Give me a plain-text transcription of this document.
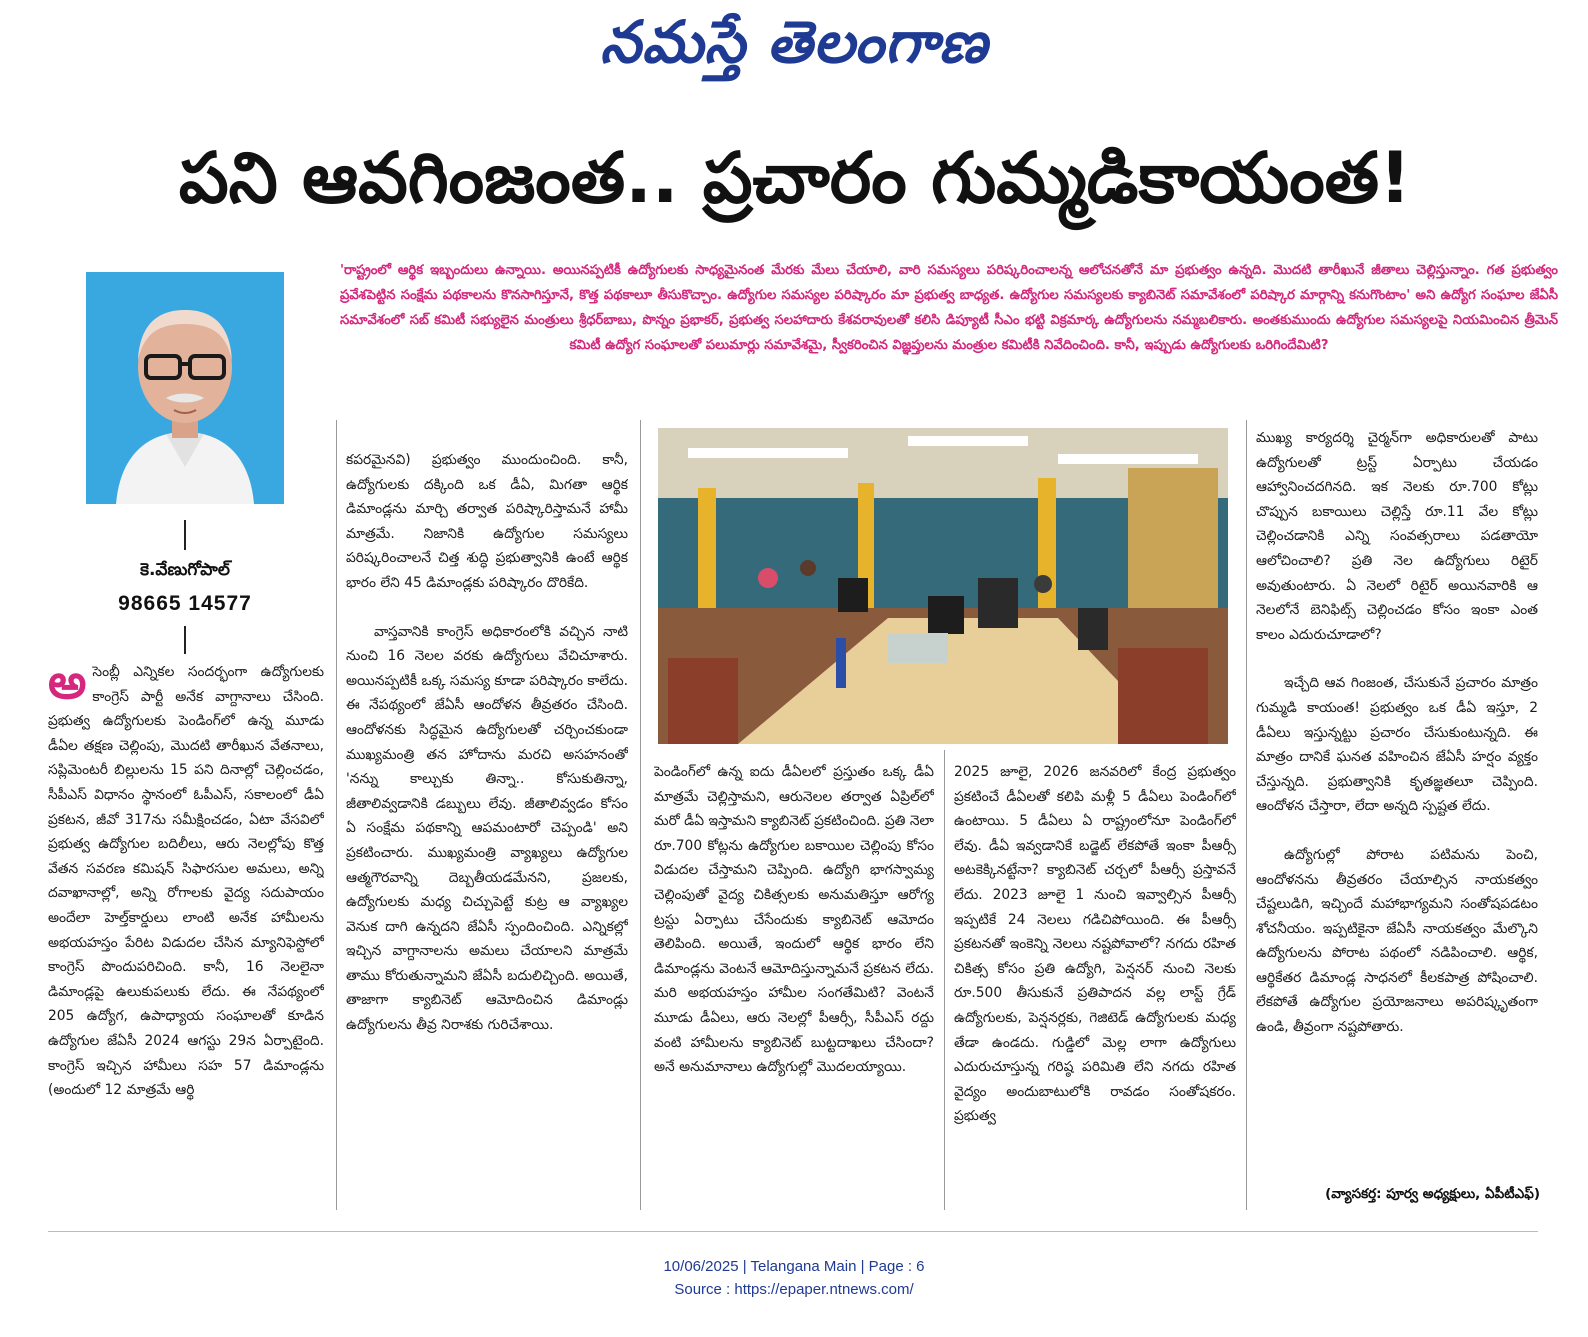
నమస్తే తెలంగాణ
పని ఆవగింజంత.. ప్రచారం గుమ్మడికాయంత!

'రాష్ట్రంలో ఆర్థిక ఇబ్బందులు ఉన్నాయి. అయినప్పటికీ ఉద్యోగులకు సాధ్యమైనంత మేరకు మేలు చేయాలి, వారి సమస్యలు పరిష్కరించాలన్న ఆలోచనతోనే మా ప్రభుత్వం ఉన్నది. మొదటి తారీఖునే జీతాలు చెల్లిస్తున్నాం. గత ప్రభుత్వం ప్రవేశపెట్టిన సంక్షేమ పథకాలను కొనసాగిస్తూనే, కొత్త పథకాలూ తీసుకొచ్చాం. ఉద్యోగుల సమస్యల పరిష్కారం మా ప్రభుత్వ బాధ్యత. ఉద్యోగుల సమస్యలకు క్యాబినెట్ సమావేశంలో పరిష్కార మార్గాన్ని కనుగొంటాం' అని ఉద్యోగ సంఘాల జేఏసీ సమావేశంలో సబ్ కమిటీ సభ్యులైన మంత్రులు శ్రీధర్‌బాబు, పొన్నం ప్రభాకర్, ప్రభుత్వ సలహాదారు కేశవరావులతో కలిసి డిప్యూటీ సీఎం భట్టి విక్రమార్క ఉద్యోగులను నమ్మబలికారు. అంతకుముందు ఉద్యోగుల సమస్యలపై నియమించిన త్రీమెన్ కమిటీ ఉద్యోగ సంఘాలతో పలుమార్లు సమావేశమై, స్వీకరించిన విజ్ఞప్తులను మంత్రుల కమిటీకి నివేదించింది. కానీ, ఇప్పుడు ఉద్యోగులకు ఒరిగిందేమిటి?

కె.వేణుగోపాల్
98665 14577

అసెంబ్లీ ఎన్నికల సందర్భంగా ఉద్యోగులకు కాంగ్రెస్ పార్టీ అనేక వాగ్దానాలు చేసింది. ప్రభుత్వ ఉద్యోగులకు పెండింగ్‌లో ఉన్న మూడు డీఏల తక్షణ చెల్లింపు, మొదటి తారీఖున వేతనాలు, సప్లిమెంటరీ బిల్లులను 15 పని దినాల్లో చెల్లించడం, సీపీఎస్ విధానం స్థానంలో ఓపీఎస్, సకాలంలో డీఏ ప్రకటన, జీవో 317ను సమీక్షించడం, ఏటా వేసవిలో ప్రభుత్వ ఉద్యోగుల బదిలీలు, ఆరు నెలల్లోపు కొత్త వేతన సవరణ కమిషన్ సిఫారసుల అమలు, అన్ని దవాఖానాల్లో, అన్ని రోగాలకు వైద్య సదుపాయం అందేలా హెల్త్‌కార్డులు లాంటి అనేక హామీలను అభయహస్తం పేరిట విడుదల చేసిన మ్యానిఫెస్టోలో కాంగ్రెస్ పొందుపరిచింది. కానీ, 16 నెలలైనా డిమాండ్లపై ఉలుకుపలుకు లేదు. ఈ నేపథ్యంలో 205 ఉద్యోగ, ఉపాధ్యాయ సంఘాలతో కూడిన ఉద్యోగుల జేఏసీ 2024 ఆగస్టు 29న ఏర్పాటైంది. కాంగ్రెస్ ఇచ్చిన హామీలు సహ 57 డిమాండ్లను (అందులో 12 మాత్రమే ఆర్థి

కపరమైనవి) ప్రభుత్వం ముందుంచింది. కానీ, ఉద్యోగులకు దక్కింది ఒక డీఏ, మిగతా ఆర్థిక డిమాండ్లను మార్చి తర్వాత పరిష్కారిస్తామనే హామీ మాత్రమే. నిజానికి ఉద్యోగుల సమస్యలు పరిష్కరించాలనే చిత్త శుద్ధి ప్రభుత్వానికి ఉంటే ఆర్థిక భారం లేని 45 డిమాండ్లకు పరిష్కారం దొరికేది.

వాస్తవానికి కాంగ్రెస్ అధికారంలోకి వచ్చిన నాటి నుంచి 16 నెలల వరకు ఉద్యోగులు వేచిచూశారు. అయినప్పటికీ ఒక్క సమస్య కూడా పరిష్కారం కాలేదు. ఈ నేపథ్యంలో జేఏసీ ఆందోళన తీవ్రతరం చేసింది. ఆందోళనకు సిద్ధమైన ఉద్యోగులతో చర్చించకుండా ముఖ్యమంత్రి తన హోదాను మరచి అసహనంతో 'నన్ను కాల్చుకు తిన్నా.. కోసుకుతిన్నా, జీతాలివ్వడానికి డబ్బులు లేవు. జీతాలివ్వడం కోసం ఏ సంక్షేమ పథకాన్ని ఆపమంటారో చెప్పండి' అని ప్రకటించారు. ముఖ్యమంత్రి వ్యాఖ్యలు ఉద్యోగుల ఆత్మగౌరవాన్ని దెబ్బతీయడమేనని, ప్రజలకు, ఉద్యోగులకు మధ్య చిచ్చుపెట్టే కుట్ర ఆ వ్యాఖ్యల వెనుక దాగి ఉన్నదని జేఏసీ స్పందించింది. ఎన్నికల్లో ఇచ్చిన వాగ్దానాలను అమలు చేయాలని మాత్రమే తాము కోరుతున్నామని జేఏసీ బదులిచ్చింది. అయితే, తాజాగా క్యాబినెట్ ఆమోదించిన డిమాండ్లు ఉద్యోగులను తీవ్ర నిరాశకు గురిచేశాయి.

పెండింగ్‌లో ఉన్న ఐదు డీఏలలో ప్రస్తుతం ఒక్క డీఏ మాత్రమే చెల్లిస్తామని, ఆరునెలల తర్వాత ఏప్రిల్‌లో మరో డీఏ ఇస్తామని క్యాబినెట్ ప్రకటించింది. ప్రతి నెలా రూ.700 కోట్లను ఉద్యోగుల బకాయిల చెల్లింపు కోసం విడుదల చేస్తామని చెప్పింది. ఉద్యోగి భాగస్వామ్య చెల్లింపుతో వైద్య చికిత్సలకు అనుమతిస్తూ ఆరోగ్య ట్రస్టు ఏర్పాటు చేసేందుకు క్యాబినెట్ ఆమోదం తెలిపింది. అయితే, ఇందులో ఆర్థిక భారం లేని డిమాండ్లను వెంటనే ఆమోదిస్తున్నామనే ప్రకటన లేదు. మరి అభయహస్తం హామీల సంగతేమిటి? వెంటనే మూడు డీఏలు, ఆరు నెలల్లో పీఆర్సీ, సీపీఎస్ రద్దు వంటి హామీలను క్యాబినెట్ బుట్టదాఖలు చేసిందా? అనే అనుమానాలు ఉద్యోగుల్లో మొదలయ్యాయి.

2025 జూలై, 2026 జనవరిలో కేంద్ర ప్రభుత్వం ప్రకటించే డీఏలతో కలిపి మళ్లీ 5 డీఏలు పెండింగ్‌లో ఉంటాయి. 5 డీఏలు ఏ రాష్ట్రంలోనూ పెండింగ్‌లో లేవు. డీఏ ఇవ్వడానికే బడ్జెట్ లేకపోతే ఇంకా పీఆర్సీ అటకెక్కినట్టేనా? క్యాబినెట్ చర్చలో పీఆర్సీ ప్రస్తావనే లేదు. 2023 జూలై 1 నుంచి ఇవ్వాల్సిన పీఆర్సీ ఇప్పటికే 24 నెలలు గడిచిపోయింది. ఈ పీఆర్సీ ప్రకటనతో ఇంకెన్ని నెలలు నష్టపోవాలో? నగదు రహిత చికిత్స కోసం ప్రతి ఉద్యోగి, పెన్షనర్ నుంచి నెలకు రూ.500 తీసుకునే ప్రతిపాదన వల్ల లాస్ట్ గ్రేడ్ ఉద్యోగులకు, పెన్షనర్లకు, గెజిటెడ్ ఉద్యోగులకు మధ్య తేడా ఉండదు. గుడ్డిలో మెల్ల లాగా ఉద్యోగులు ఎదురుచూస్తున్న గరిష్ఠ పరిమితి లేని నగదు రహిత వైద్యం అందుబాటులోకి రావడం సంతోషకరం. ప్రభుత్వ

ముఖ్య కార్యదర్శి చైర్మన్‌గా అధికారులతో పాటు ఉద్యోగులతో ట్రస్ట్ ఏర్పాటు చేయడం ఆహ్వానించదగినది. ఇక నెలకు రూ.700 కోట్లు చొప్పున బకాయిలు చెల్లిస్తే రూ.11 వేల కోట్లు చెల్లించడానికి ఎన్ని సంవత్సరాలు పడతాయో ఆలోచించాలి? ప్రతి నెల ఉద్యోగులు రిటైర్ అవుతుంటారు. ఏ నెలలో రిటైర్ అయినవారికి ఆ నెలలోనే బెనిఫిట్స్ చెల్లించడం కోసం ఇంకా ఎంత కాలం ఎదురుచూడాలో?

ఇచ్చేది ఆవ గింజంత, చేసుకునే ప్రచారం మాత్రం గుమ్మడి కాయంత! ప్రభుత్వం ఒక డీఏ ఇస్తూ, 2 డీఏలు ఇస్తున్నట్టు ప్రచారం చేసుకుంటున్నది. ఈ మాత్రం దానికే ఘనత వహించిన జేఏసీ హర్షం వ్యక్తం చేస్తున్నది. ప్రభుత్వానికి కృతజ్ఞతలూ చెప్పింది. ఆందోళన చేస్తారా, లేదా అన్నది స్పష్టత లేదు.

ఉద్యోగుల్లో పోరాట పటిమను పెంచి, ఆందోళనను తీవ్రతరం చేయాల్సిన నాయకత్వం చేష్టలుడిగి, ఇచ్చిందే మహాభాగ్యమని సంతోషపడటం శోచనీయం. ఇప్పటికైనా జేఏసీ నాయకత్వం మేల్కొని ఉద్యోగులను పోరాట పథంలో నడిపించాలి. ఆర్థిక, ఆర్థికేతర డిమాండ్ల సాధనలో కీలకపాత్ర పోషించాలి. లేకపోతే ఉద్యోగుల ప్రయోజనాలు అపరిష్కృతంగా ఉండి, తీవ్రంగా నష్టపోతారు.

(వ్యాసకర్త: పూర్వ అధ్యక్షులు, ఏపీటీఎఫ్)
10/06/2025 | Telangana Main | Page : 6
Source : https://epaper.ntnews.com/
